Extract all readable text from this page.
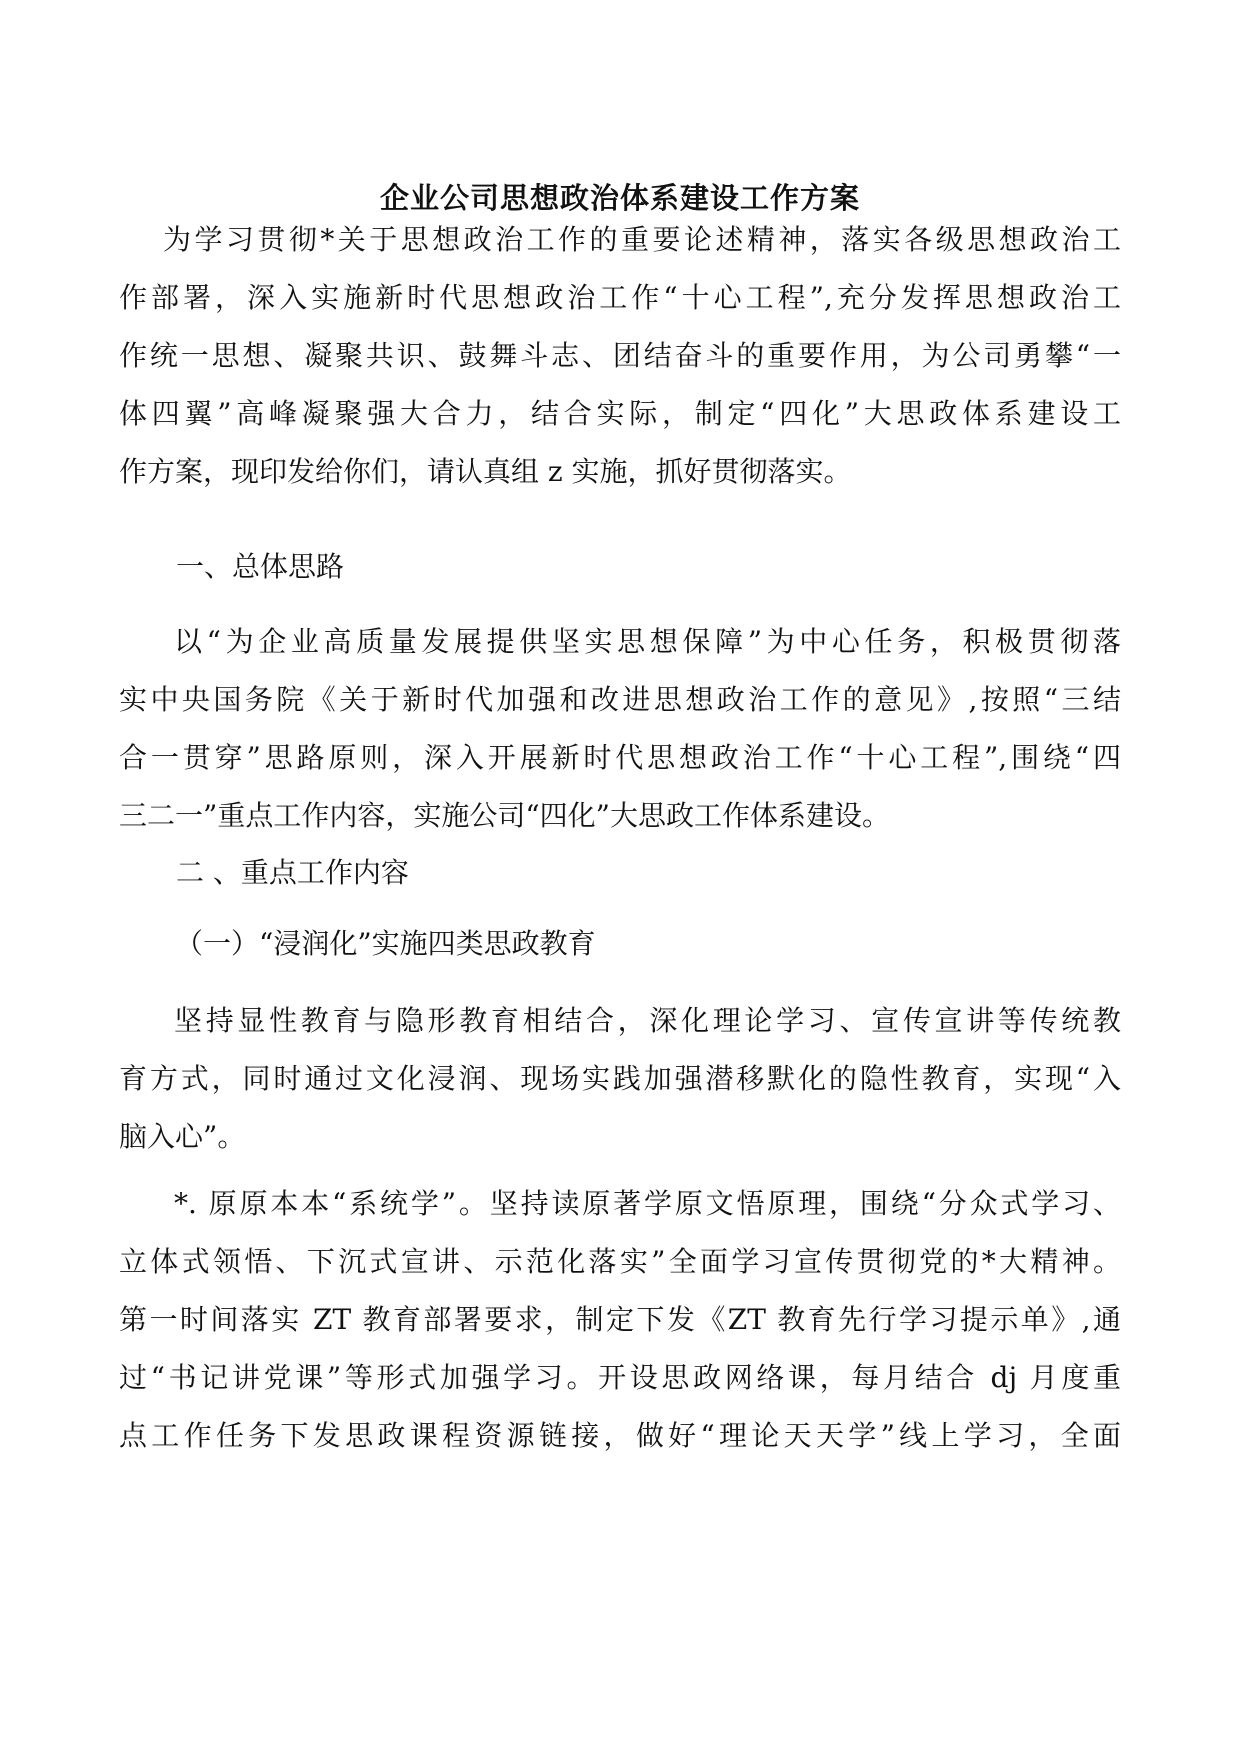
企业公司思想政治体系建设工作方案
为学习贯彻*关于思想政治工作的重要论述精神，落实各级思想政治工
作部署，深入实施新时代思想政治工作“十心工程”,充分发挥思想政治工
作统一思想、凝聚共识、鼓舞斗志、团结奋斗的重要作用，为公司勇攀“一
体四翼”高峰凝聚强大合力，结合实际，制定“四化”大思政体系建设工
作方案，现印发给你们，请认真组 z 实施，抓好贯彻落实。
一、总体思路
以“为企业高质量发展提供坚实思想保障”为中心任务，积极贯彻落
实中央国务院《关于新时代加强和改进思想政治工作的意见》,按照“三结
合一贯穿”思路原则，深入开展新时代思想政治工作“十心工程”,围绕“四
三二一”重点工作内容，实施公司“四化”大思政工作体系建设。
二 、重点工作内容
（一）“浸润化”实施四类思政教育
坚持显性教育与隐形教育相结合，深化理论学习、宣传宣讲等传统教
育方式，同时通过文化浸润、现场实践加强潜移默化的隐性教育，实现“入
脑入心”。
*. 原原本本“系统学”。坚持读原著学原文悟原理，围绕“分众式学习、
立体式领悟、下沉式宣讲、示范化落实”全面学习宣传贯彻党的*大精神。
第一时间落实 ZT 教育部署要求，制定下发《ZT 教育先行学习提示单》,通
过“书记讲党课”等形式加强学习。开设思政网络课，每月结合 dj 月度重
点工作任务下发思政课程资源链接，做好“理论天天学”线上学习，全面
